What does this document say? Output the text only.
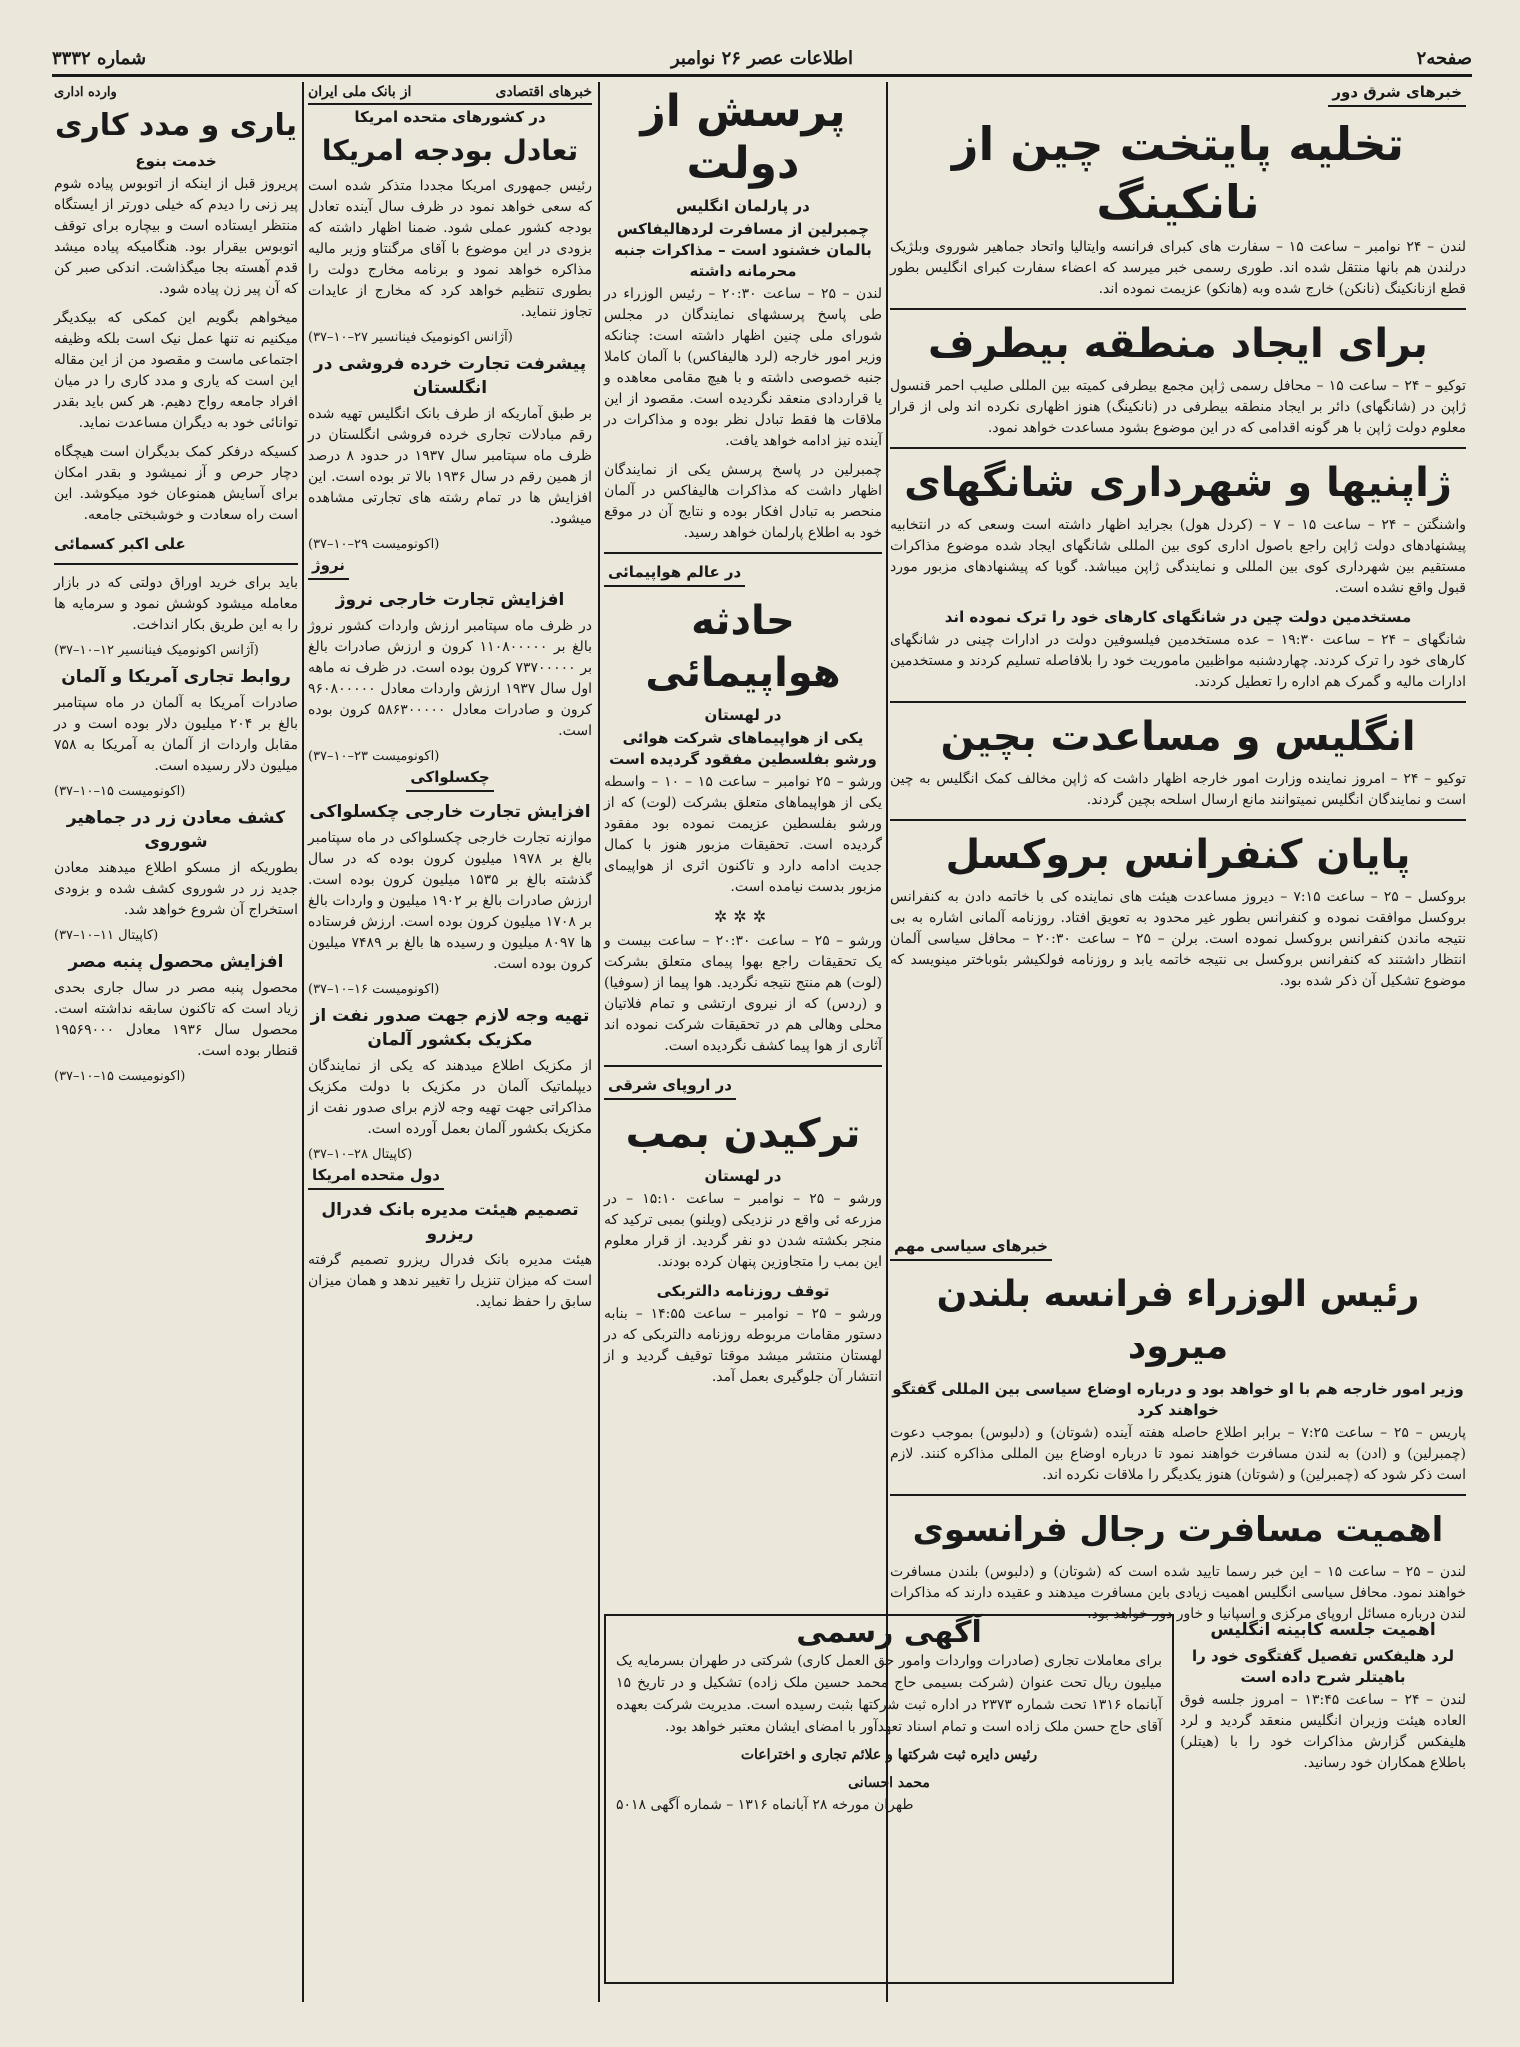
صفحه۲
اطلاعات عصر ۲۶ نوامبر
شماره ۳۳۳۲
خبرهای شرق دور
تخلیه پایتخت چین از نانکینگ

لندن – ۲۴ نوامبر – ساعت ۱۵ – سفارت های کبرای فرانسه وایتالیا واتحاد جماهیر شوروی وبلژیک درلندن هم بانها منتقل شده اند. طوری رسمی خبر میرسد که اعضاء سفارت کبرای انگلیس بطور قطع ازنانکینگ (نانکن) خارج شده وبه (هانکو) عزیمت نموده اند.

برای ایجاد منطقه بیطرف

توکیو – ۲۴ – ساعت ۱۵ – محافل رسمی ژاپن مجمع بیطرفی کمیته بین المللی صلیب احمر قنسول ژاپن در (شانگهای) دائر بر ایجاد منطقه بیطرفی در (نانکینگ) هنوز اظهاری نکرده اند ولی از قرار معلوم دولت ژاپن با هر گونه اقدامی که در این موضوع بشود مساعدت خواهد نمود.

ژاپنیها و شهرداری شانگهای

واشنگتن – ۲۴ – ساعت ۱۵ – ۷ – (کردل هول) بجراید اظهار داشته است وسعی که در انتخابیه پیشنهادهای دولت ژاپن راجع باصول اداری کوی بین المللی شانگهای ایجاد شده موضوع مذاکرات مستقیم بین شهرداری کوی بین المللی و نمایندگی ژاپن میباشد. گویا که پیشنهادهای مزبور مورد قبول واقع نشده است.

مستخدمین دولت چین در شانگهای کارهای خود را ترک نموده اند

شانگهای – ۲۴ – ساعت ۱۹:۳۰ – عده مستخدمین فیلسوفین دولت در ادارات چینی در شانگهای کارهای خود را ترک کردند. چهاردشنبه مواظبین ماموریت خود را بلافاصله تسلیم کردند و مستخدمین ادارات مالیه و گمرک هم اداره را تعطیل کردند.

انگلیس و مساعدت بچین

توکیو – ۲۴ – امروز نماینده وزارت امور خارجه اظهار داشت که ژاپن مخالف کمک انگلیس به چین است و نمایندگان انگلیس نمیتوانند مانع ارسال اسلحه بچین گردند.

پایان کنفرانس بروکسل

بروکسل – ۲۵ – ساعت ۷:۱۵ – دیروز مساعدت هیئت های نماینده کی با خاتمه دادن به کنفرانس بروکسل موافقت نموده و کنفرانس بطور غیر محدود به تعویق افتاد. روزنامه آلمانی اشاره به بی نتیجه ماندن کنفرانس بروکسل نموده است. برلن – ۲۵ – ساعت ۲۰:۳۰ – محافل سیاسی آلمان انتظار داشتند که کنفرانس بروکسل بی نتیجه خاتمه یابد و روزنامه فولکیشر بئوباختر مینویسد که موضوع تشکیل آن ذکر شده بود.

خبرهای سیاسی مهم
رئیس الوزراء فرانسه بلندن میرود
وزیر امور خارجه هم با او خواهد بود و درباره اوضاع سیاسی بین المللی گفتگو خواهند کرد

پاریس – ۲۵ – ساعت ۷:۲۵ – برابر اطلاع حاصله هفته آینده (شوتان) و (دلبوس) بموجب دعوت (چمبرلین) و (ادن) به لندن مسافرت خواهند نمود تا درباره اوضاع بین المللی مذاکره کنند. لازم است ذکر شود که (چمبرلین) و (شوتان) هنوز یکدیگر را ملاقات نکرده اند.

اهمیت مسافرت رجال فرانسوی

لندن – ۲۵ – ساعت ۱۵ – این خبر رسما تایید شده است که (شوتان) و (دلبوس) بلندن مسافرت خواهند نمود. محافل سیاسی انگلیس اهمیت زیادی باین مسافرت میدهند و عقیده دارند که مذاکرات لندن درباره مسائل اروپای مرکزی و اسپانیا و خاور دور خواهد بود.

اهمیت جلسه کابینه انگلیس
لرد هلیفکس تفصیل گفتگوی خود را باهیتلر شرح داده است

لندن – ۲۴ – ساعت ۱۳:۴۵ – امروز جلسه فوق العاده هیئت وزیران انگلیس منعقد گردید و لرد هلیفکس گزارش مذاکرات خود را با (هیتلر) باطلاع همکاران خود رسانید.

پرسش از دولت
در پارلمان انگلیس
چمبرلین از مسافرت لردهالیفاکس بالمان خشنود است – مذاکرات جنبه محرمانه داشته

لندن – ۲۵ – ساعت ۲۰:۳۰ – رئیس الوزراء در طی پاسخ پرسشهای نمایندگان در مجلس شورای ملی چنین اظهار داشته است: چنانکه وزیر امور خارجه (لرد هالیفاکس) با آلمان کاملا جنبه خصوصی داشته و با هیچ مقامی معاهده و یا قراردادی منعقد نگردیده است. مقصود از این ملاقات ها فقط تبادل نظر بوده و مذاکرات در آینده نیز ادامه خواهد یافت.

چمبرلین در پاسخ پرسش یکی از نمایندگان اظهار داشت که مذاکرات هالیفاکس در آلمان منحصر به تبادل افکار بوده و نتایج آن در موقع خود به اطلاع پارلمان خواهد رسید.

در عالم هواپیمائی
حادثه هواپیمائی
در لهستان
یکی از هواپیماهای شرکت هوائی ورشو بفلسطین مفقود گردیده است

ورشو – ۲۵ نوامبر – ساعت ۱۵ – ۱۰ – واسطه یکی از هواپیماهای متعلق بشرکت (لوت) که از ورشو بفلسطین عزیمت نموده بود مفقود گردیده است. تحقیقات مزبور هنوز با کمال جدیت ادامه دارد و تاکنون اثری از هواپیمای مزبور بدست نیامده است.

✲✲✲

ورشو – ۲۵ – ساعت ۲۰:۳۰ – ساعت بیست و یک تحقیقات راجع بهوا پیمای متعلق بشرکت (لوت) هم منتج نتیجه نگردید. هوا پیما از (سوفیا) و (ردس) که از نیروی ارتشی و تمام فلاتیان محلی وهالی هم در تحقیقات شرکت نموده اند آثاری از هوا پیما کشف نگردیده است.

در اروپای شرقی
ترکیدن بمب
در لهستان

ورشو – ۲۵ – نوامبر – ساعت ۱۵:۱۰ – در مزرعه ئی واقع در نزدیکی (ویلنو) بمبی ترکید که منجر بکشته شدن دو نفر گردید. از قرار معلوم این بمب را متجاوزین پنهان کرده بودند.

توقف روزنامه دالتربکی

ورشو – ۲۵ – نوامبر – ساعت ۱۴:۵۵ – بنابه دستور مقامات مربوطه روزنامه دالتربکی که در لهستان منتشر میشد موقتا توقیف گردید و از انتشار آن جلوگیری بعمل آمد.

خبرهای اقتصادی
از بانک ملی ایران
در کشورهای متحده امریکا
تعادل بودجه امریکا

رئیس جمهوری امریکا مجددا متذکر شده است که سعی خواهد نمود در ظرف سال آینده تعادل بودجه کشور عملی شود. ضمنا اظهار داشته که بزودی در این موضوع با آقای مرگنتاو وزیر مالیه مذاکره خواهد نمود و برنامه مخارج دولت را بطوری تنظیم خواهد کرد که مخارج از عایدات تجاوز ننماید.

(آژانس اکونومیک فینانسیر ۲۷–۱۰–۳۷)
پیشرفت تجارت خرده فروشی در انگلستان

بر طبق آماریکه از طرف بانک انگلیس تهیه شده رقم مبادلات تجاری خرده فروشی انگلستان در ظرف ماه سپتامبر سال ۱۹۳۷ در حدود ۸ درصد از همین رقم در سال ۱۹۳۶ بالا تر بوده است. این افزایش ها در تمام رشته های تجارتی مشاهده میشود.

(اکونومیست ۲۹–۱۰–۳۷)
نروژ
افزایش تجارت خارجی نروژ

در ظرف ماه سپتامبر ارزش واردات کشور نروژ بالغ بر ۱۱۰۸۰۰۰۰۰ کرون و ارزش صادرات بالغ بر ۷۳۷۰۰۰۰۰ کرون بوده است. در ظرف نه ماهه اول سال ۱۹۳۷ ارزش واردات معادل ۹۶۰۸۰۰۰۰۰ کرون و صادرات معادل ۵۸۶۳۰۰۰۰۰ کرون بوده است.

(اکونومیست ۲۳–۱۰–۳۷)
چکسلواکی
افزایش تجارت خارجی چکسلواکی

موازنه تجارت خارجی چکسلواکی در ماه سپتامبر بالغ بر ۱۹۷۸ میلیون کرون بوده که در سال گذشته بالغ بر ۱۵۳۵ میلیون کرون بوده است. ارزش صادرات بالغ بر ۱۹۰۲ میلیون و واردات بالغ بر ۱۷۰۸ میلیون کرون بوده است. ارزش فرستاده ها ۸۰۹۷ میلیون و رسیده ها بالغ بر ۷۴۸۹ میلیون کرون بوده است.

(اکونومیست ۱۶–۱۰–۳۷)
تهیه وجه لازم جهت صدور نفت از مکزیک بکشور آلمان

از مکزیک اطلاع میدهند که یکی از نمایندگان دیپلماتیک آلمان در مکزیک با دولت مکزیک مذاکراتی جهت تهیه وجه لازم برای صدور نفت از مکزیک بکشور آلمان بعمل آورده است.

(کاپیتال ۲۸–۱۰–۳۷)
دول متحده امریکا
تصمیم هیئت مدیره بانک فدرال ریزرو

هیئت مدیره بانک فدرال ریزرو تصمیم گرفته است که میزان تنزیل را تغییر ندهد و همان میزان سابق را حفظ نماید.

وارده اداری
یاری و مدد کاری
خدمت بنوع

پریروز قبل از اینکه از اتوبوس پیاده شوم پیر زنی را دیدم که خیلی دورتر از ایستگاه منتظر ایستاده است و بیچاره برای توقف اتوبوس بیقرار بود. هنگامیکه پیاده میشد قدم آهسته بجا میگذاشت. اندکی صبر کن که آن پیر زن پیاده شود.

میخواهم بگویم این کمکی که بیکدیگر میکنیم نه تنها عمل نیک است بلکه وظیفه اجتماعی ماست و مقصود من از این مقاله این است که یاری و مدد کاری را در میان افراد جامعه رواج دهیم. هر کس باید بقدر توانائی خود به دیگران مساعدت نماید.

کسیکه درفکر کمک بدیگران است هیچگاه دچار حرص و آز نمیشود و بقدر امکان برای آسایش همنوعان خود میکوشد. این است راه سعادت و خوشبختی جامعه.

علی اکبر کسمائی

باید برای خرید اوراق دولتی که در بازار معامله میشود کوشش نمود و سرمایه ها را به این طریق بکار انداخت.

(آژانس اکونومیک فینانسیر ۱۲–۱۰–۳۷)
روابط تجاری آمریکا و آلمان

صادرات آمریکا به آلمان در ماه سپتامبر بالغ بر ۲۰۴ میلیون دلار بوده است و در مقابل واردات از آلمان به آمریکا به ۷۵۸ میلیون دلار رسیده است.

(اکونومیست ۱۵–۱۰–۳۷)
کشف معادن زر در جماهیر شوروی

بطوریکه از مسکو اطلاع میدهند معادن جدید زر در شوروی کشف شده و بزودی استخراج آن شروع خواهد شد.

(کاپیتال ۱۱–۱۰–۳۷)
افزایش محصول پنبه مصر

محصول پنبه مصر در سال جاری بحدی زیاد است که تاکنون سابقه نداشته است. محصول سال ۱۹۳۶ معادل ۱۹۵۶۹۰۰۰ قنطار بوده است.

(اکونومیست ۱۵–۱۰–۳۷)
آگهی رسمی

برای معاملات تجاری (صادرات وواردات وامور حق العمل کاری) شرکتی در طهران بسرمایه یک میلیون ریال تحت عنوان (شرکت بسیمی حاج محمد حسین ملک زاده) تشکیل و در تاریخ ۱۵ آبانماه ۱۳۱۶ تحت شماره ۲۳۷۳ در اداره ثبت شرکتها بثبت رسیده است. مدیریت شرکت بعهده آقای حاج حسن ملک زاده است و تمام اسناد تعهدآور با امضای ایشان معتبر خواهد بود.

رئیس دایره ثبت شرکتها و علائم تجاری و اختراعات
محمد احسانی
طهران مورخه ۲۸ آبانماه ۱۳۱۶ – شماره آگهی ۵۰۱۸
